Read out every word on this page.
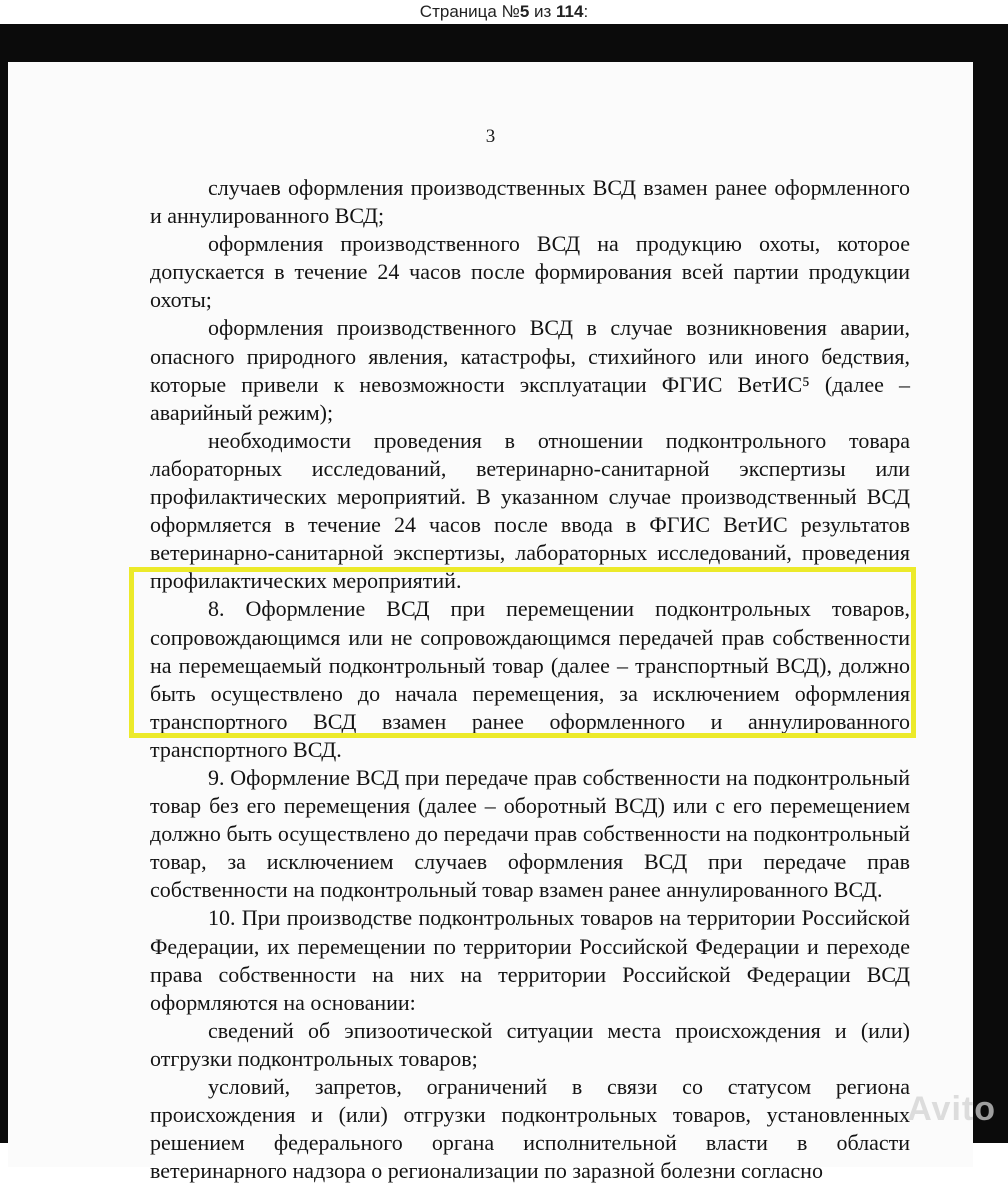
Страница №5 из 114:
3

случаев оформления производственных ВСД взамен ранее оформленного и аннулированного ВСД;

оформления производственного ВСД на продукцию охоты, которое допускается в течение 24 часов после формирования всей партии продукции охоты;

оформления производственного ВСД в случае возникновения аварии, опасного природного явления, катастрофы, стихийного или иного бедствия, которые привели к невозможности эксплуатации ФГИС ВетИС⁵ (далее – аварийный режим);

необходимости проведения в отношении подконтрольного товара лабораторных исследований, ветеринарно-санитарной экспертизы или профилактических мероприятий. В указанном случае производственный ВСД оформляется в течение 24 часов после ввода в ФГИС ВетИС результатов ветеринарно-санитарной экспертизы, лабораторных исследований, проведения профилактических мероприятий.

8. Оформление ВСД при перемещении подконтрольных товаров, сопровождающимся или не сопровождающимся передачей прав собственности на перемещаемый подконтрольный товар (далее – транспортный ВСД), должно быть осуществлено до начала перемещения, за исключением оформления транспортного ВСД взамен ранее оформленного и аннулированного транспортного ВСД.

9. Оформление ВСД при передаче прав собственности на подконтрольный товар без его перемещения (далее – оборотный ВСД) или с его перемещением должно быть осуществлено до передачи прав собственности на подконтрольный товар, за исключением случаев оформления ВСД при передаче прав собственности на подконтрольный товар взамен ранее аннулированного ВСД.

10. При производстве подконтрольных товаров на территории Российской Федерации, их перемещении по территории Российской Федерации и переходе права собственности на них на территории Российской Федерации ВСД оформляются на основании:

сведений об эпизоотической ситуации места происхождения и (или) отгрузки подконтрольных товаров;

условий, запретов, ограничений в связи со статусом региона происхождения и (или) отгрузки подконтрольных товаров, установленных решением федерального органа исполнительной власти в области ветеринарного надзора о регионализации по заразной болезни согласно

Avito
